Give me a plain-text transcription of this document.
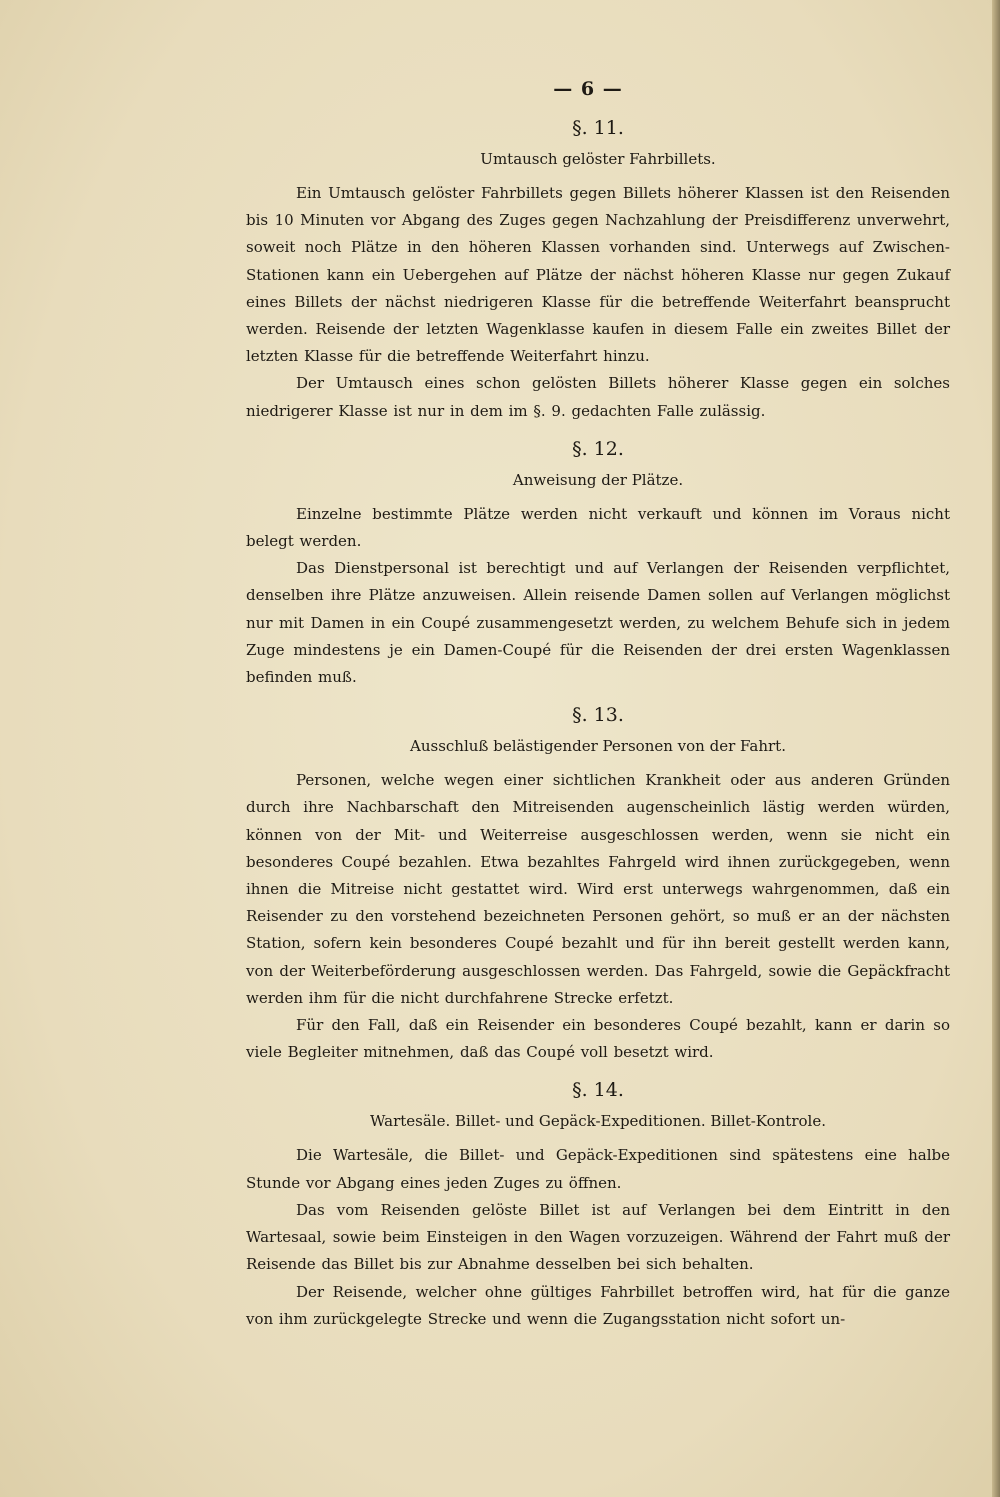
— 6 —

§. 11.

Umtausch gelöster Fahrbillets.

Ein Umtausch gelöster Fahrbillets gegen Billets höherer Klassen ist den Reisenden bis 10 Minuten vor Abgang des Zuges gegen Nachzahlung der Preisdifferenz unverwehrt, soweit noch Plätze in den höheren Klassen vorhanden sind. Unterwegs auf Zwischen-Stationen kann ein Uebergehen auf Plätze der nächst höheren Klasse nur gegen Zukauf eines Billets der nächst niedrigeren Klasse für die betreffende Weiterfahrt beansprucht werden. Reisende der letzten Wagenklasse kaufen in diesem Falle ein zweites Billet der letzten Klasse für die betreffende Weiterfahrt hinzu.

Der Umtausch eines schon gelösten Billets höherer Klasse gegen ein solches niedrigerer Klasse ist nur in dem im §. 9. gedachten Falle zulässig.

§. 12.

Anweisung der Plätze.

Einzelne bestimmte Plätze werden nicht verkauft und können im Voraus nicht belegt werden.

Das Dienstpersonal ist berechtigt und auf Verlangen der Reisenden verpflichtet, denselben ihre Plätze anzuweisen. Allein reisende Damen sollen auf Verlangen möglichst nur mit Damen in ein Coupé zusammengesetzt werden, zu welchem Behufe sich in jedem Zuge mindestens je ein Damen-Coupé für die Reisenden der drei ersten Wagenklassen befinden muß.

§. 13.

Ausschluß belästigender Personen von der Fahrt.

Personen, welche wegen einer sichtlichen Krankheit oder aus anderen Gründen durch ihre Nachbarschaft den Mitreisenden augenscheinlich lästig werden würden, können von der Mit- und Weiterreise ausgeschlossen werden, wenn sie nicht ein besonderes Coupé bezahlen. Etwa bezahltes Fahrgeld wird ihnen zurückgegeben, wenn ihnen die Mitreise nicht gestattet wird. Wird erst unterwegs wahrgenommen, daß ein Reisender zu den vorstehend bezeichneten Personen gehört, so muß er an der nächsten Station, sofern kein besonderes Coupé bezahlt und für ihn bereit gestellt werden kann, von der Weiterbeförderung ausgeschlossen werden. Das Fahrgeld, sowie die Gepäckfracht werden ihm für die nicht durchfahrene Strecke erfetzt.

Für den Fall, daß ein Reisender ein besonderes Coupé bezahlt, kann er darin so viele Begleiter mitnehmen, daß das Coupé voll besetzt wird.

§. 14.

Wartesäle. Billet- und Gepäck-Expeditionen. Billet-Kontrole.

Die Wartesäle, die Billet- und Gepäck-Expeditionen sind spätestens eine halbe Stunde vor Abgang eines jeden Zuges zu öffnen.

Das vom Reisenden gelöste Billet ist auf Verlangen bei dem Eintritt in den Wartesaal, sowie beim Einsteigen in den Wagen vorzuzeigen. Während der Fahrt muß der Reisende das Billet bis zur Abnahme desselben bei sich behalten.

Der Reisende, welcher ohne gültiges Fahrbillet betroffen wird, hat für die ganze von ihm zurückgelegte Strecke und wenn die Zugangsstation nicht sofort un-
